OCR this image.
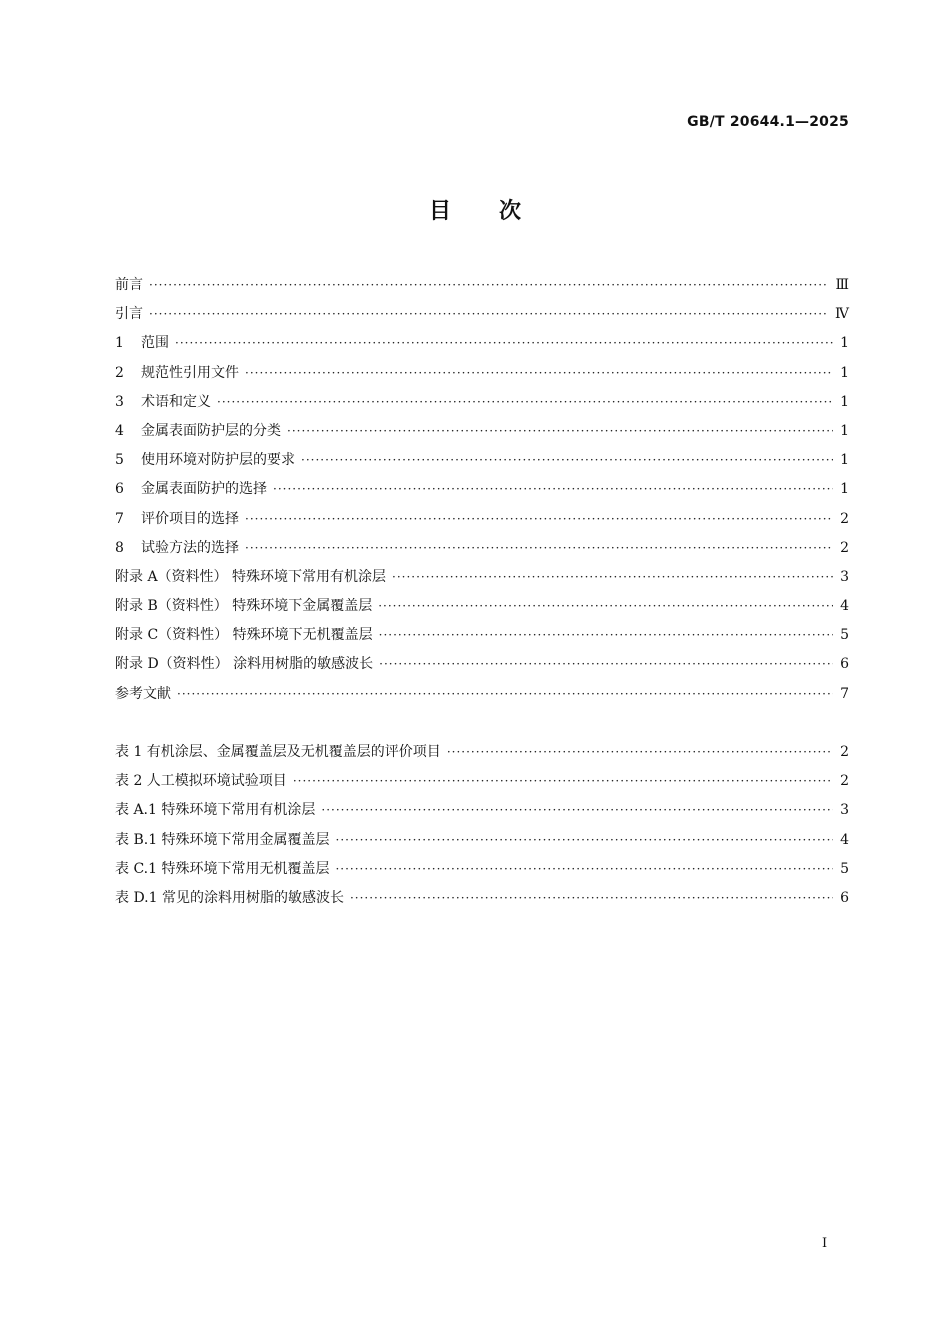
GB/T 20644.1—2025
目次
前言 ·····	Ⅲ
引言 ·····	Ⅳ
1	范围 ·····	1
2	规范性引用文件 ·····	1
3	术语和定义 ·····	1
4	金属表面防护层的分类 ·····	1
5	使用环境对防护层的要求 ·····	1
6	金属表面防护的选择 ·····	1
7	评价项目的选择 ·····	2
8	试验方法的选择 ·····	2
附录 A（资料性） 特殊环境下常用有机涂层 ·····	3
附录 B（资料性） 特殊环境下金属覆盖层 ·····	4
附录 C（资料性） 特殊环境下无机覆盖层 ·····	5
附录 D（资料性） 涂料用树脂的敏感波长 ·····	6
参考文献 ·····	7
表 1 有机涂层、金属覆盖层及无机覆盖层的评价项目 ·····	2
表 2 人工模拟环境试验项目 ·····	2
表 A.1 特殊环境下常用有机涂层 ·····	3
表 B.1 特殊环境下常用金属覆盖层 ·····	4
表 C.1 特殊环境下常用无机覆盖层 ·····	5
表 D.1 常见的涂料用树脂的敏感波长 ·····	6
Ⅰ
